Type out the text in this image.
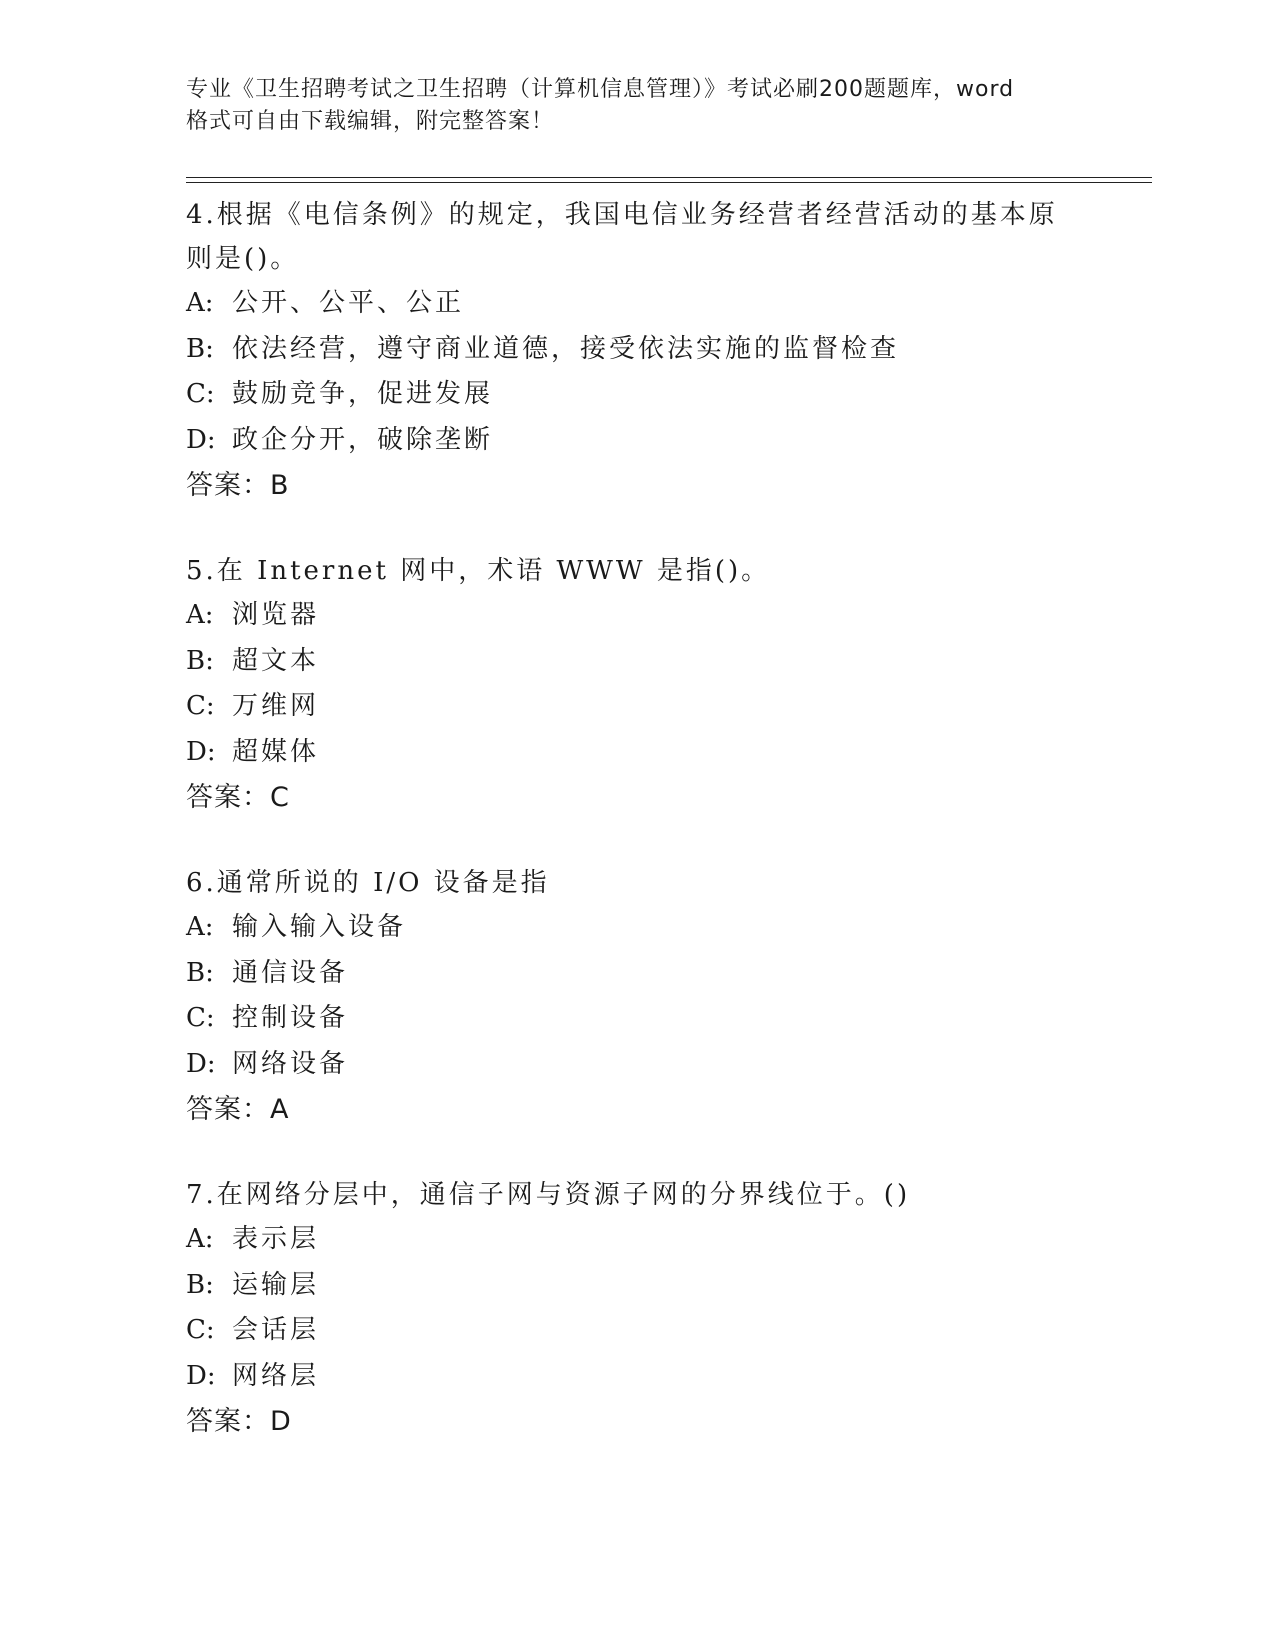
专业《卫生招聘考试之卫生招聘（计算机信息管理）》考试必刷200题题库，word
格式可自由下载编辑，附完整答案！
4.根据《电信条例》的规定，我国电信业务经营者经营活动的基本原
则是()。
A: 公开、公平、公正
B: 依法经营，遵守商业道德，接受依法实施的监督检查
C: 鼓励竞争，促进发展
D: 政企分开，破除垄断
答案：B
5.在 Internet 网中，术语 WWW 是指()。
A: 浏览器
B: 超文本
C: 万维网
D: 超媒体
答案：C
6.通常所说的 I/O 设备是指
A: 输入输入设备
B: 通信设备
C: 控制设备
D: 网络设备
答案：A
7.在网络分层中，通信子网与资源子网的分界线位于。()
A: 表示层
B: 运输层
C: 会话层
D: 网络层
答案：D
